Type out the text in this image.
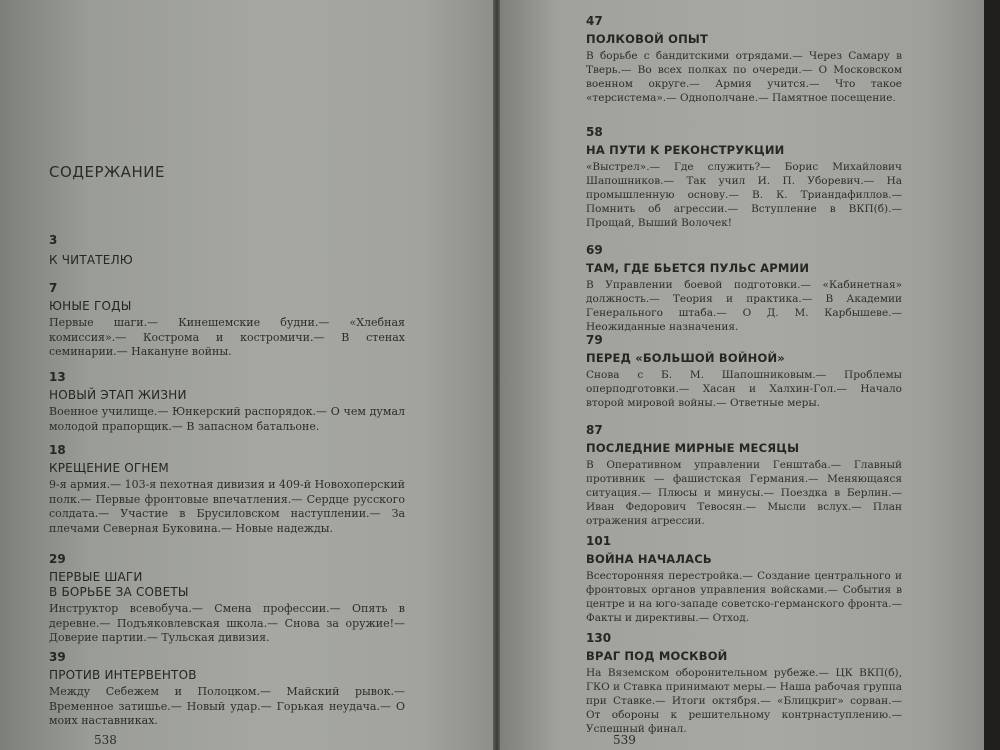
СОДЕРЖАНИЕ
3
К ЧИТАТЕЛЮ
7
ЮНЫЕ ГОДЫ
Первые шаги.— Кинешемские будни.— «Хлебная комиссия».— Кострома и костромичи.— В стенах семинарии.— Накануне войны.
13
НОВЫЙ ЭТАП ЖИЗНИ
Военное училище.— Юнкерский распорядок.— О чем думал молодой прапорщик.— В запасном батальоне.
18
КРЕЩЕНИЕ ОГНЕМ
9-я армия.— 103-я пехотная дивизия и 409-й Новохоперский полк.— Первые фронтовые впечатления.— Сердце русского солдата.— Участие в Брусиловском наступлении.— За плечами Северная Буковина.— Новые надежды.
29
ПЕРВЫЕ ШАГИ
В БОРЬБЕ ЗА СОВЕТЫ
Инструктор всевобуча.— Смена профессии.— Опять в деревне.— Подъяковлевская школа.— Снова за оружие!— Доверие партии.— Тульская дивизия.
39
ПРОТИВ ИНТЕРВЕНТОВ
Между Себежем и Полоцком.— Майский рывок.— Временное затишье.— Новый удар.— Горькая неудача.— О моих наставниках.
538
47
ПОЛКОВОЙ ОПЫТ
В борьбе с бандитскими отрядами.— Через Самару в Тверь.— Во всех полках по очереди.— О Московском военном округе.— Армия учится.— Что такое «терсистема».— Однополчане.— Памятное посещение.
58
НА ПУТИ К РЕКОНСТРУКЦИИ
«Выстрел».— Где служить?— Борис Михайлович Шапошников.— Так учил И. П. Уборевич.— На промышленную основу.— В. К. Триандафиллов.— Помнить об агрессии.— Вступление в ВКП(б).— Прощай, Выший Волочек!
69
ТАМ, ГДЕ БЬЕТСЯ ПУЛЬС АРМИИ
В Управлении боевой подготовки.— «Кабинетная» должность.— Теория и практика.— В Академии Генерального штаба.— О Д. М. Карбышеве.— Неожиданные назначения.
79
ПЕРЕД «БОЛЬШОЙ ВОЙНОЙ»
Снова с Б. М. Шапошниковым.— Проблемы оперподготовки.— Хасан и Халхин-Гол.— Начало второй мировой войны.— Ответные меры.
87
ПОСЛЕДНИЕ МИРНЫЕ МЕСЯЦЫ
В Оперативном управлении Генштаба.— Главный противник — фашистская Германия.— Меняющаяся ситуация.— Плюсы и минусы.— Поездка в Берлин.— Иван Федорович Тевосян.— Мысли вслух.— План отражения агрессии.
101
ВОЙНА НАЧАЛАСЬ
Всесторонняя перестройка.— Создание центрального и фронтовых органов управления войсками.— События в центре и на юго-западе советско-германского фронта.— Факты и директивы.— Отход.
130
ВРАГ ПОД МОСКВОЙ
На Вяземском оборонительном рубеже.— ЦК ВКП(б), ГКО и Ставка принимают меры.— Наша рабочая группа при Ставке.— Итоги октября.— «Блицкриг» сорван.— От обороны к решительному контрнаступлению.— Успешный финал.
539
